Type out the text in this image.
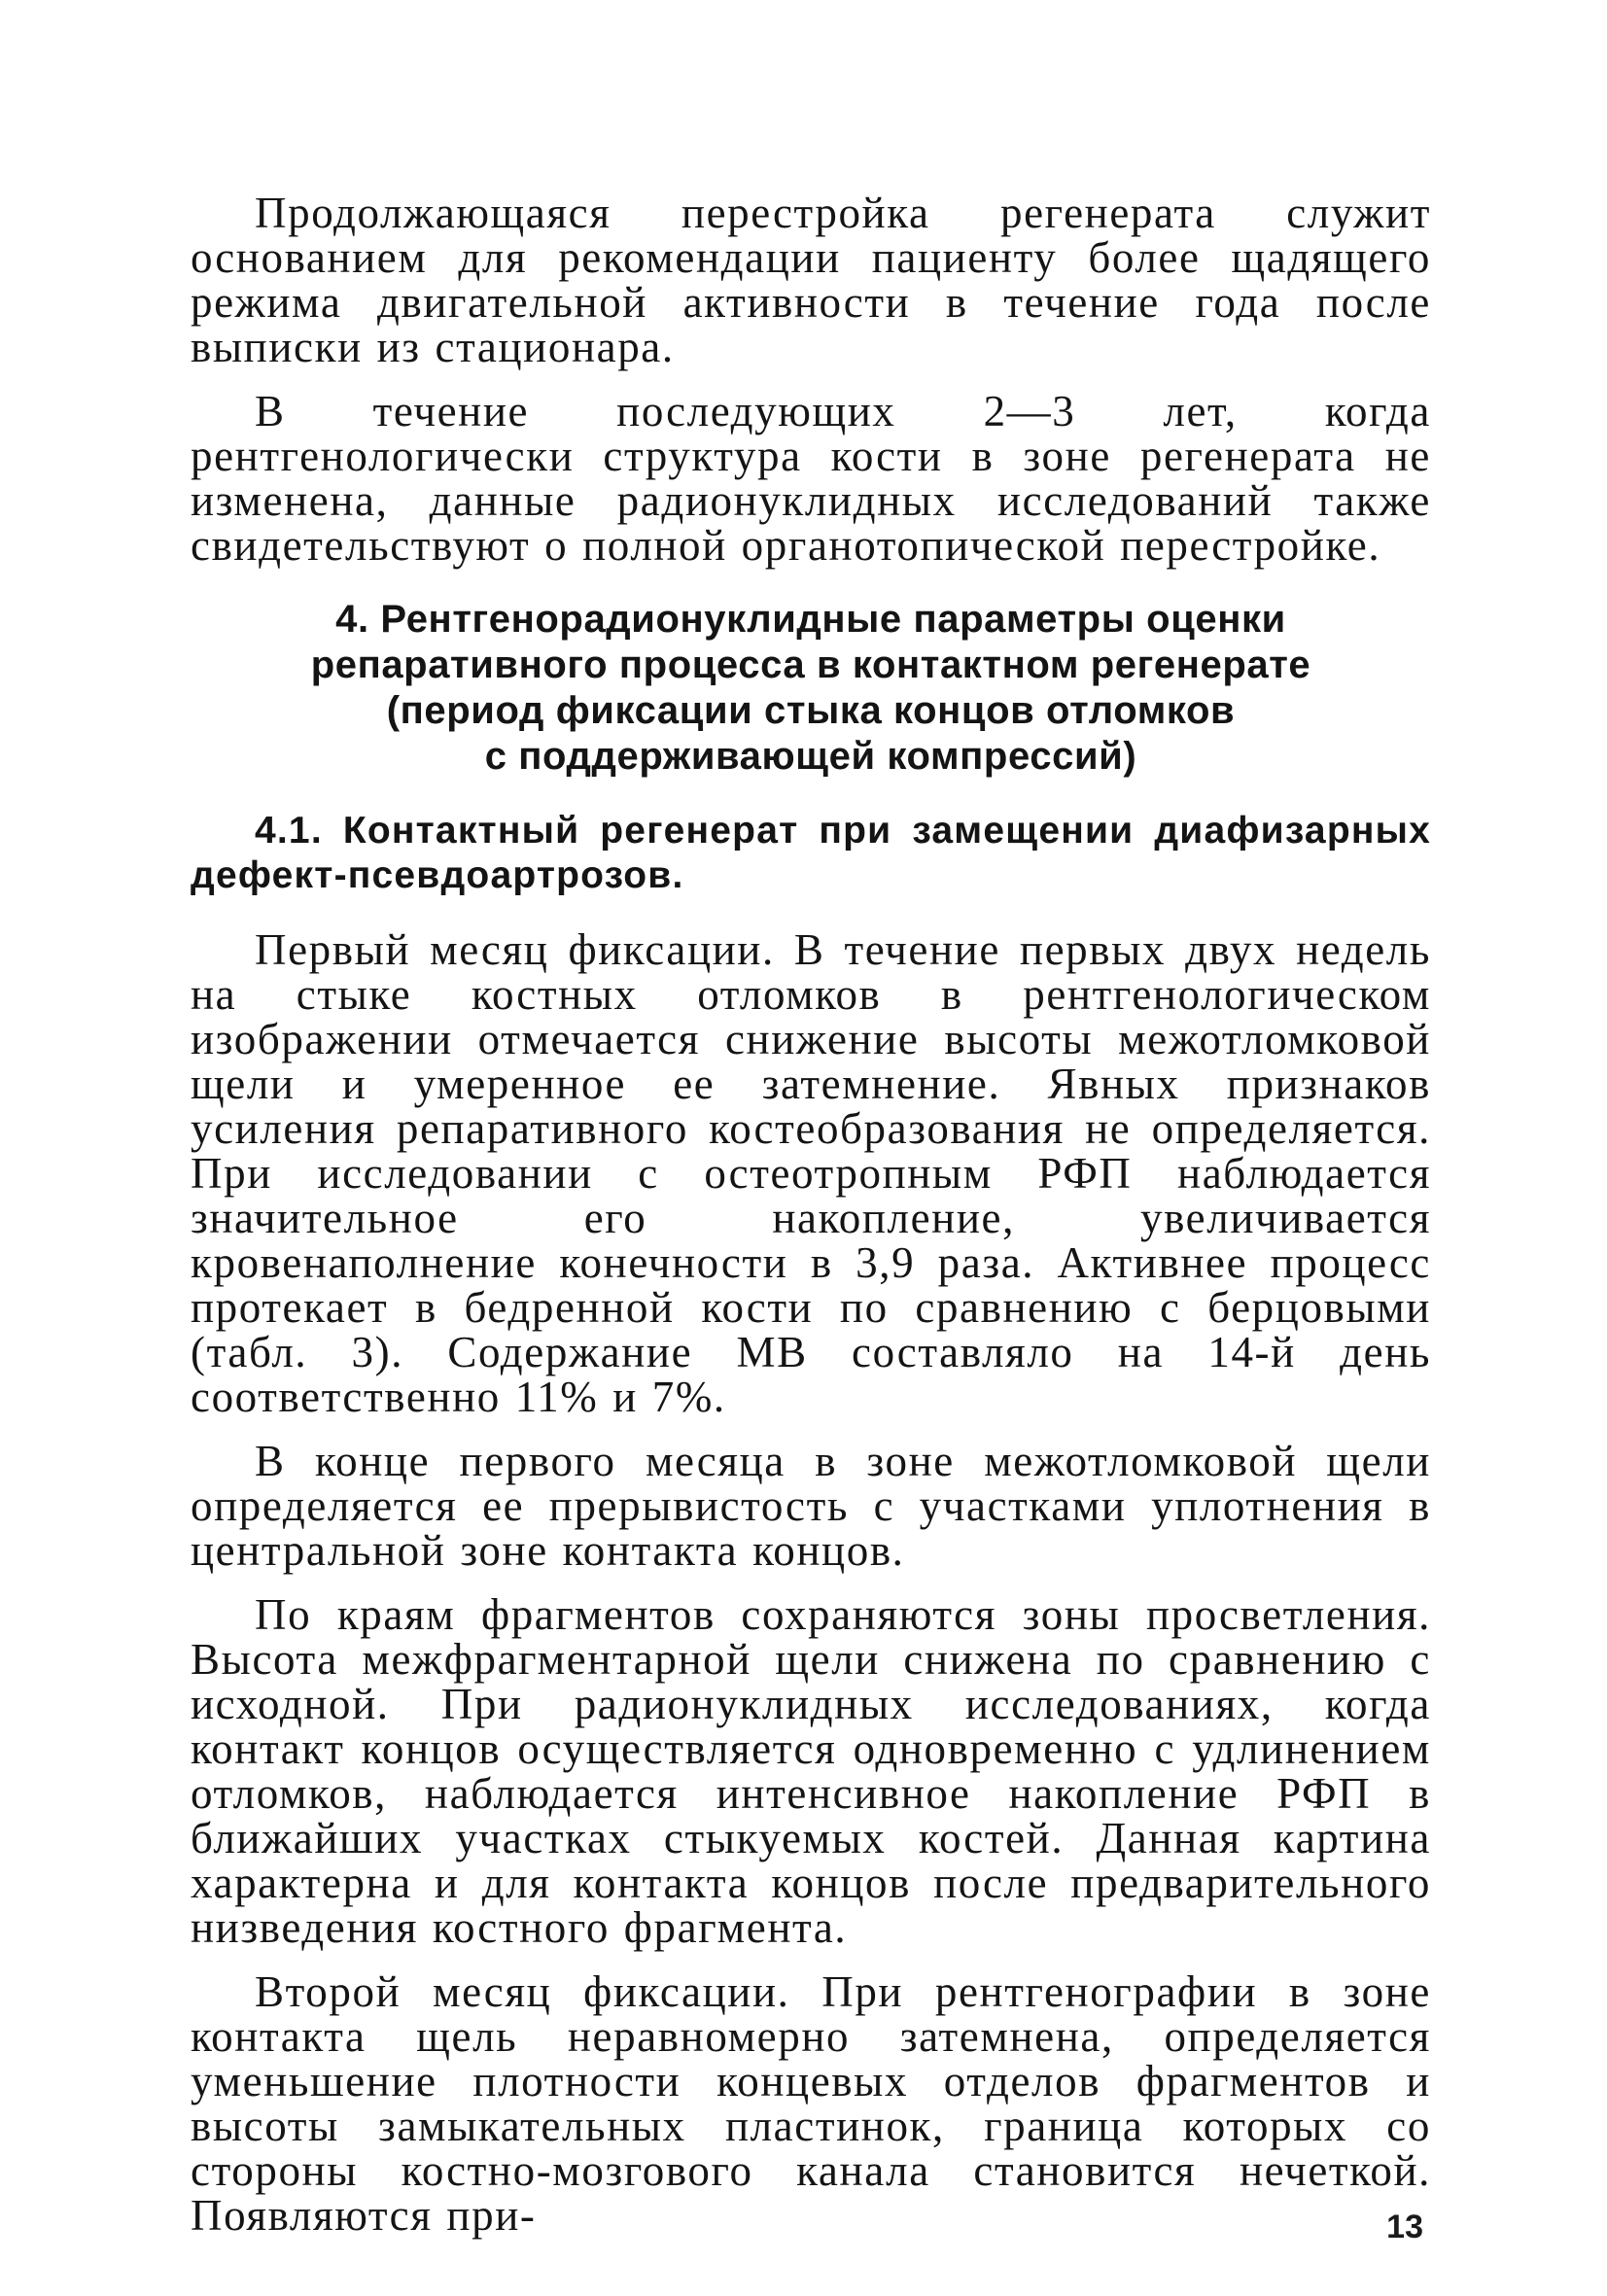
Продолжающаяся перестройка регенерата служит основанием для рекомендации пациенту более щадящего режима двигательной активности в течение года после выписки из стационара.

В течение последующих 2—3 лет, когда рентгенологически структура кости в зоне регенерата не изменена, данные радионуклидных исследований также свидетельствуют о полной органотопической перестройке.

4. Рентгенорадионуклидные параметры оценки
репаративного процесса в контактном регенерате
(период фиксации стыка концов отломков
с поддерживающей компрессий)
4.1. Контактный регенерат при замещении диафизарных дефект-псевдоартрозов.

Первый месяц фиксации. В течение первых двух недель на стыке костных отломков в рентгенологическом изображении отмечается снижение высоты межотломковой щели и умеренное ее затемнение. Явных признаков усиления репаративного костеобразования не определяется. При исследовании с остеотропным РФП наблюдается значительное его накопление, увеличивается кровенаполнение конечности в 3,9 раза. Активнее процесс протекает в бедренной кости по сравнению с берцовыми (табл. 3). Содержание МВ составляло на 14-й день соответственно 11% и 7%.

В конце первого месяца в зоне межотломковой щели определяется ее прерывистость с участками уплотнения в центральной зоне контакта концов.

По краям фрагментов сохраняются зоны просветления. Высота межфрагментарной щели снижена по сравнению с исходной. При радионуклидных исследованиях, когда контакт концов осуществляется одновременно с удлинением отломков, наблюдается интенсивное накопление РФП в ближайших участках стыкуемых костей. Данная картина характерна и для контакта концов после предварительного низведения костного фрагмента.

Второй месяц фиксации. При рентгенографии в зоне контакта щель неравномерно затемнена, определяется уменьшение плотности концевых отделов фрагментов и высоты замыкательных пластинок, граница которых со стороны костно-мозгового канала становится нечеткой. Появляются при-	13
